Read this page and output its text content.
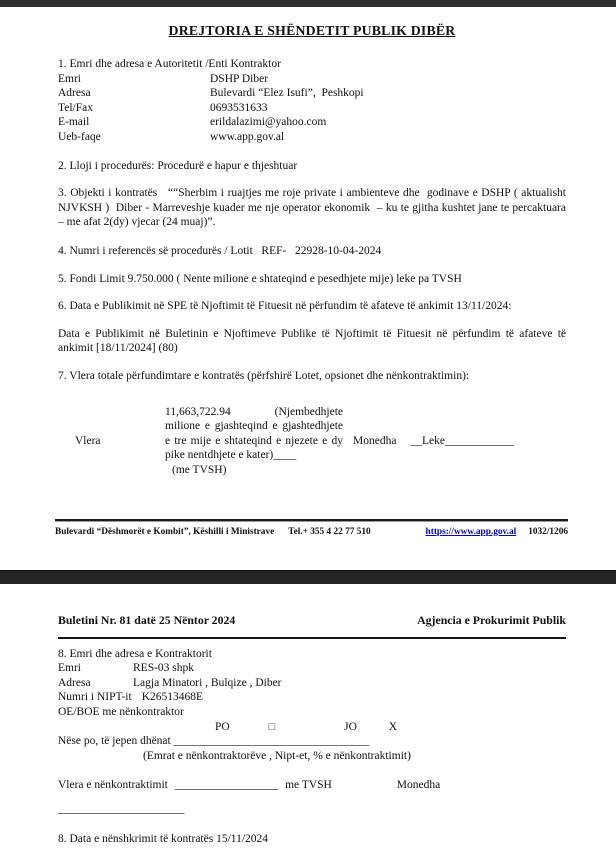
DREJTORIA E SHËNDETIT PUBLIK DIBËR

1. Emri dhe adresa e Autoritetit /Enti Kontraktor

Emri	DSHP Diber
Adresa	Bulevardi “Elez Isufi”,  Peshkopi
Tel/Fax	0693531633
E-mail	erildalazimi@yahoo.com
Ueb-faqe	www.app.gov.al

2. Lloji i procedurës: Procedurë e hapur e thjeshtuar

3. Objekti i kontratës   ““Sherbim i ruajtjes me roje private i ambienteve dhe  godinave e DSHP ( aktualisht NJVKSH )  Diber - Marreveshje kuader me nje operator ekonomik  – ku te gjitha kushtet jane te percaktuara – me afat 2(dy) vjecar (24 muaj)”.

4. Numri i referencës së procedurës / Lotit   REF-   22928-10-04-2024

5. Fondi Limit 9.750.000 ( Nente milione e shtateqind e pesedhjete mije) leke pa TVSH

6. Data e Publikimit në SPE të Njoftimit të Fituesit në përfundim të afateve të ankimit 13/11/2024:

Data e Publikimit në Buletinin e Njoftimeve Publike të Njoftimit të Fituesit në përfundim të afateve të ankimit [18/11/2024] (80)

7. Vlera totale përfundimtare e kontratës (përfshirë Lotet, opsionet dhe nënkontraktimin):

Vlera
11,663,722.94    (Njembedhjete milione e gjashteqind e gjashtedhjete e tre mije e shtateqind e njezete e dy pike nentdhjete e kater)____
(me TVSH)
Monedha __Leke____________
Bulevardi “Dëshmorët e Kombit”, Këshilli i Ministrave Tel.+ 355 4 22 77 510	https://www.app.gov.al 1032/1206
Buletini Nr. 81 datë 25 Nëntor 2024	Agjencia e Prokurimit Publik

8. Emri dhe adresa e Kontraktorit

Emri	RES-03 shpk
Adresa	Lagja Minatori , Bulqize , Diber
Numri i NIPT-it K26513468E

OE/BOE me nënkontraktor

PO	□	JO	X

Nëse po, të jepen dhënat __________________________________

(Emrat e nënkontraktorëve , Nipt-et, % e nënkontraktimit)

Vlera e nënkontraktimit __________________ me TVSH	Monedha
______________________

8. Data e nënshkrimit të kontratës 15/11/2024
